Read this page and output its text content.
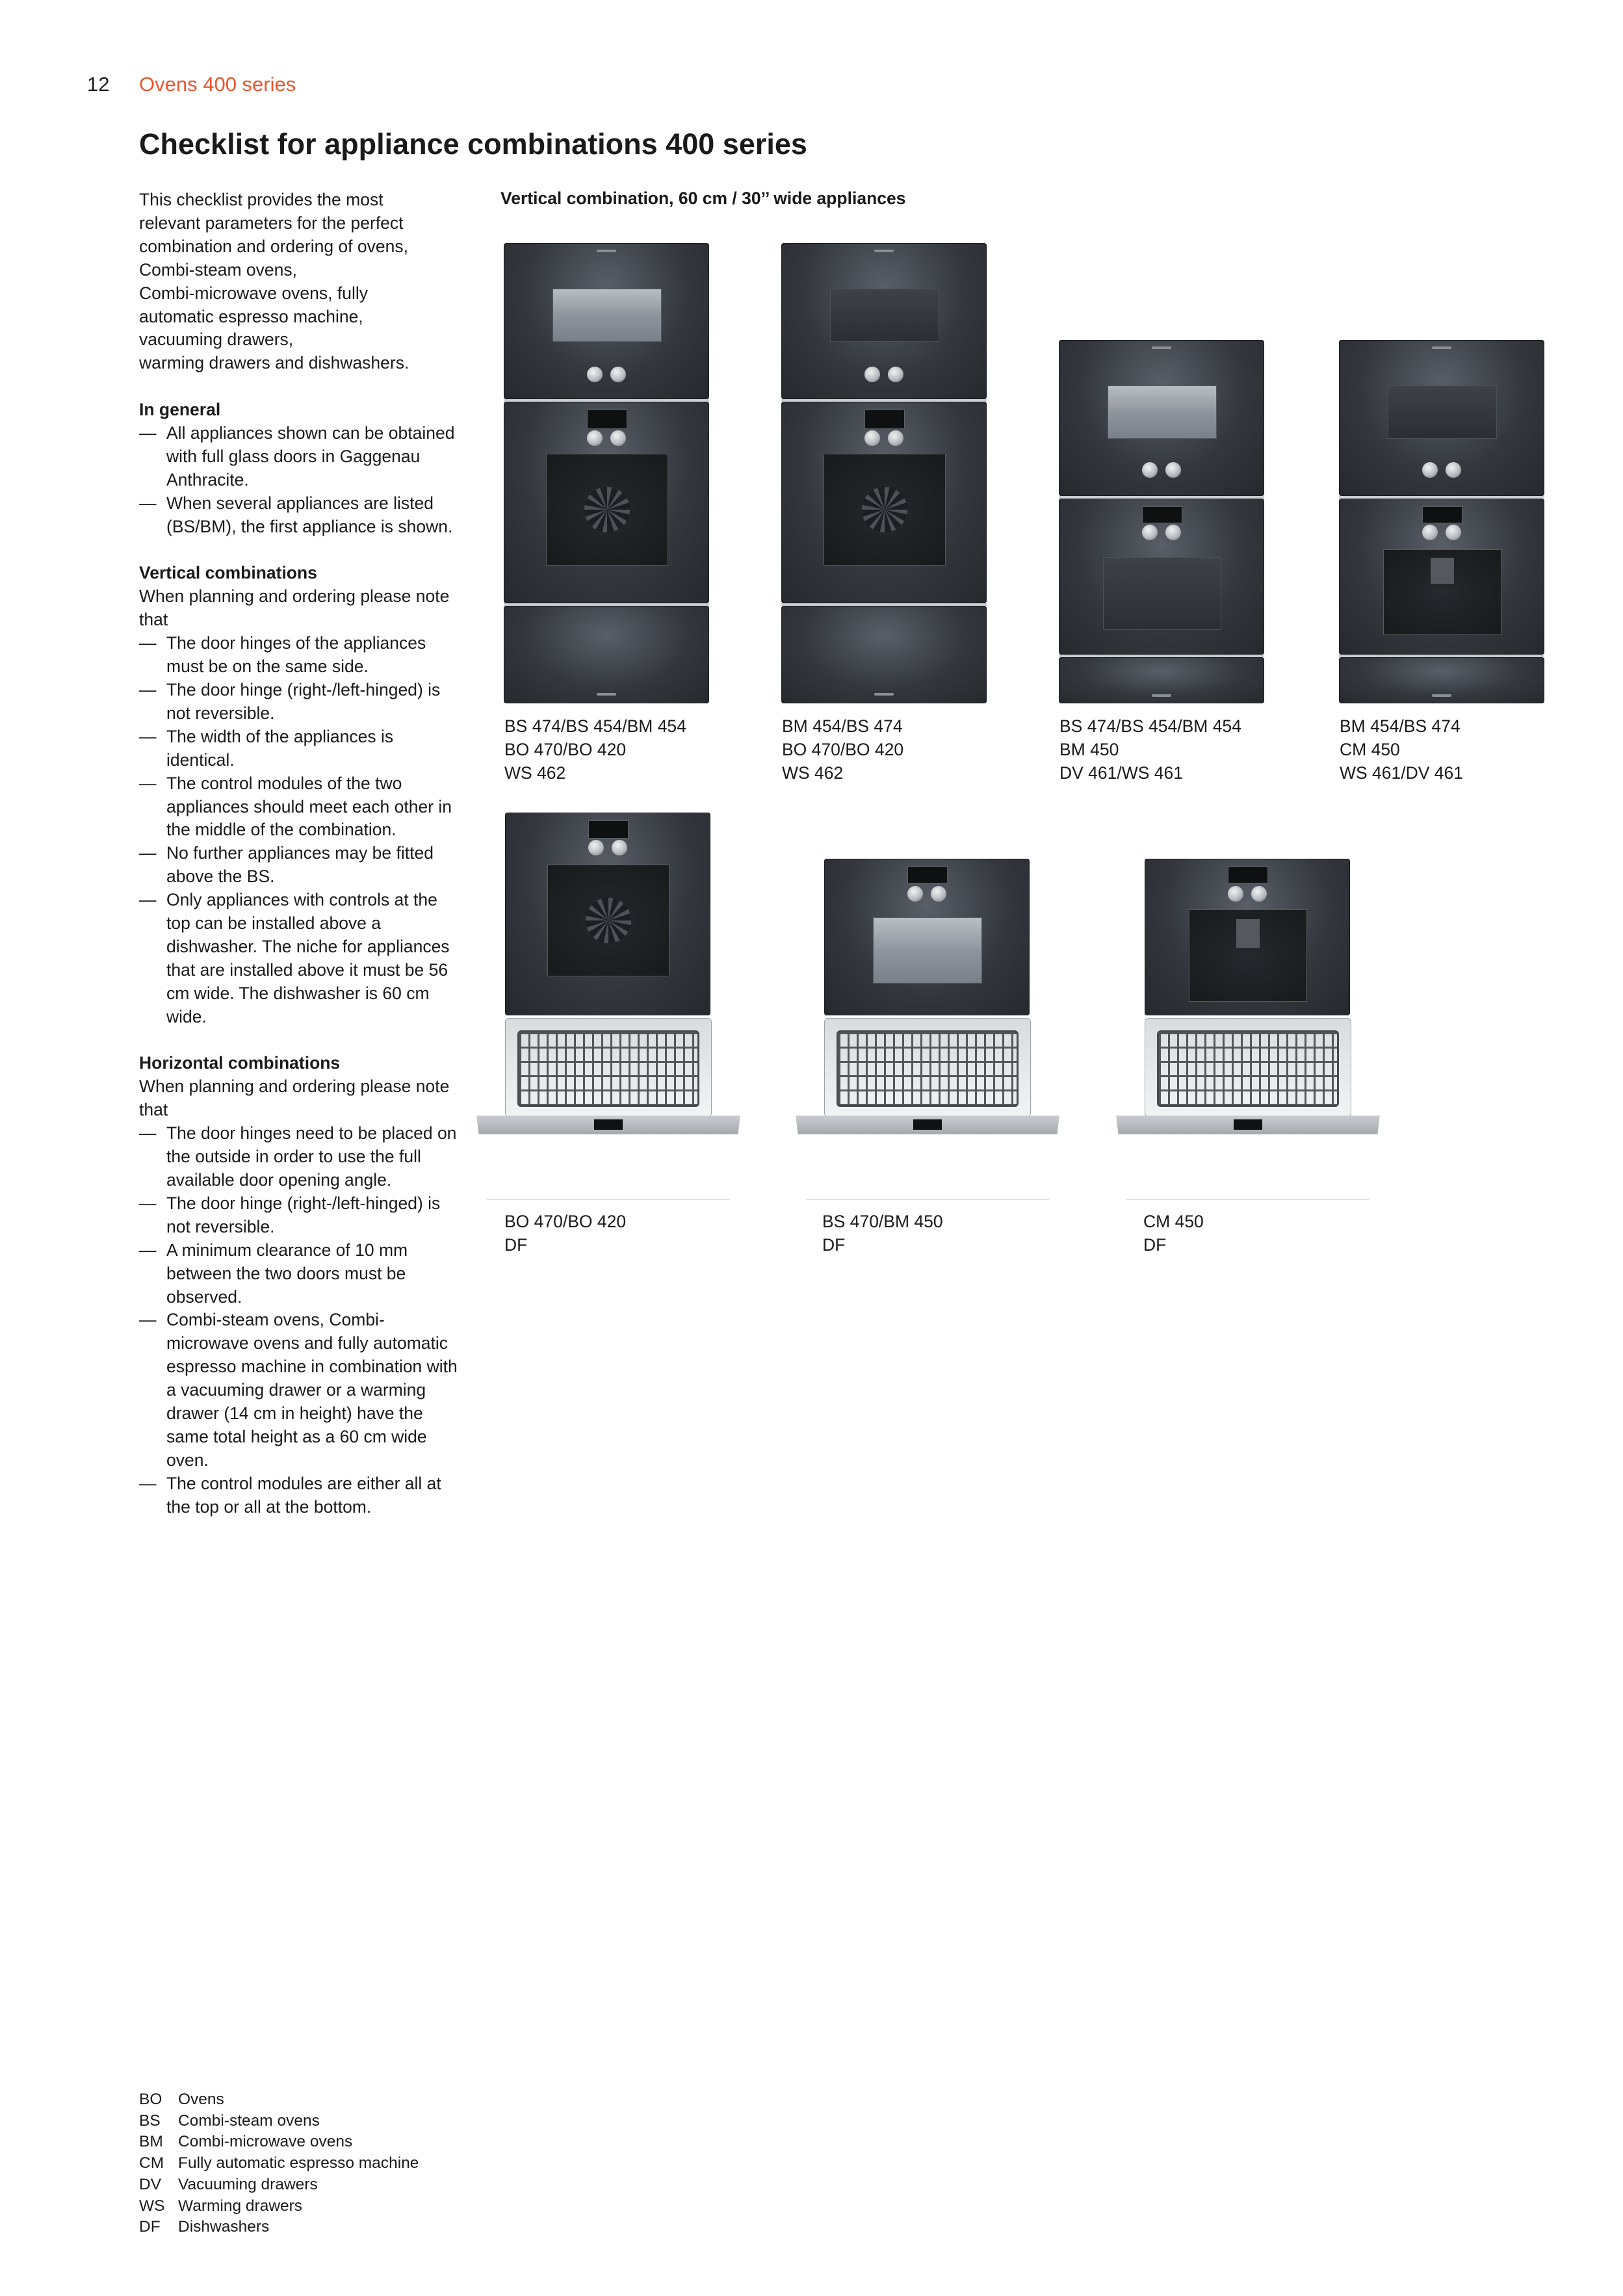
12 Ovens 400 series
Checklist for appliance combinations 400 series

This checklist provides the most

relevant parameters for the perfect

combination and ordering of ovens,

Combi-steam ovens,

Combi-microwave ovens, fully

automatic espresso machine,

vacuuming drawers,

warming drawers and dishwashers.

In general

— All appliances shown can be obtained with full glass doors in Gaggenau Anthracite.
— When several appliances are listed (BS/BM), the first appliance is shown.

Vertical combinations

When planning and ordering please note that

— The door hinges of the appliances must be on the same side.
— The door hinge (right-/left-hinged) is not reversible.
— The width of the appliances is identical.
— The control modules of the two appliances should meet each other in the middle of the combination.
— No further appliances may be fitted above the BS.
— Only appliances with controls at the top can be installed above a dishwasher. The niche for appliances that are installed above it must be 56 cm wide. The dishwasher is 60 cm wide.

Horizontal combinations

When planning and ordering please note that

— The door hinges need to be placed on the outside in order to use the full available door opening angle.
— The door hinge (right-/left-hinged) is not reversible.
— A minimum clearance of 10 mm between the two doors must be observed.
— Combi-steam ovens, Combi-microwave ovens and fully automatic espresso machine in combination with a vacuuming drawer or a warming drawer (14 cm in height) have the same total height as a 60 cm wide oven.
— The control modules are either all at the top or all at the bottom.
Vertical combination, 60 cm / 30’’ wide appliances
BS 474/BS 454/BM 454
BO 470/BO 420
WS 462
BM 454/BS 474
BO 470/BO 420
WS 462
BS 474/BS 454/BM 454
BM 450
DV 461/WS 461
BM 454/BS 474
CM 450
WS 461/DV 461
BO 470/BO 420
DF
BS 470/BM 450
DF
CM 450
DF
BO	Ovens
BS	Combi-steam ovens
BM Combi-microwave ovens
CM Fully automatic espresso machine
DV	Vacuuming drawers
WS Warming drawers
DF	Dishwashers
